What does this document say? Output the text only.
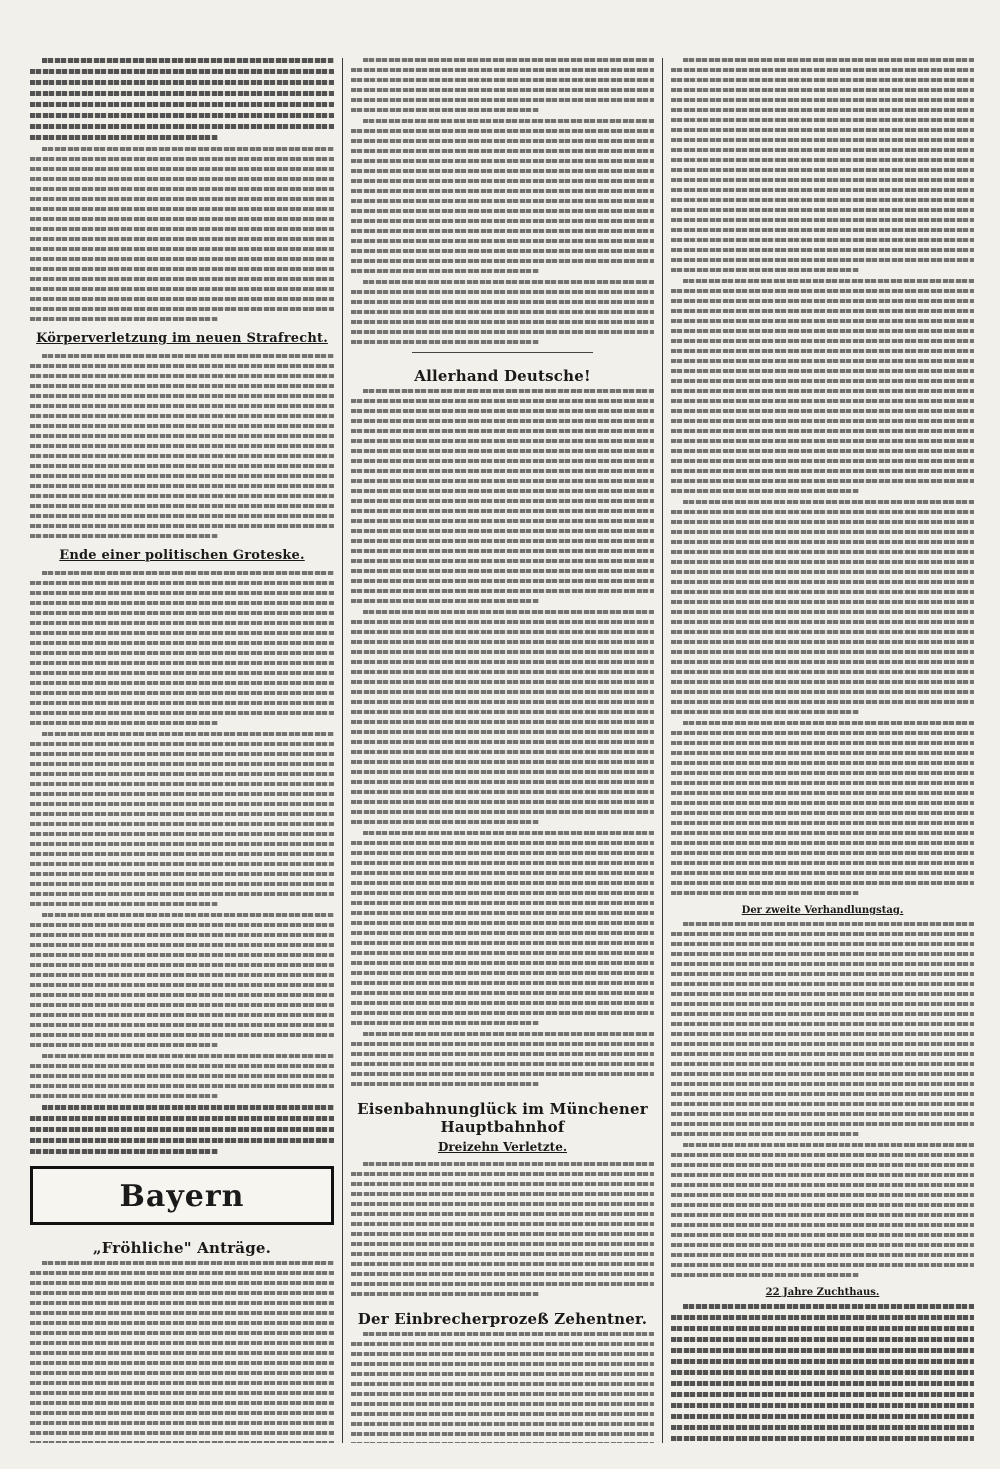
Körperverletzung im neuen Strafrecht.
Ende einer politischen Groteske.
Bayern
„Fröhliche" Anträge.
Allerhand Deutsche!
Eisenbahnunglück im Münchener Hauptbahnhof
Dreizehn Verletzte.
Der Einbrecherprozeß Zehentner.
Der zweite Verhandlungstag.
22 Jahre Zuchthaus.
